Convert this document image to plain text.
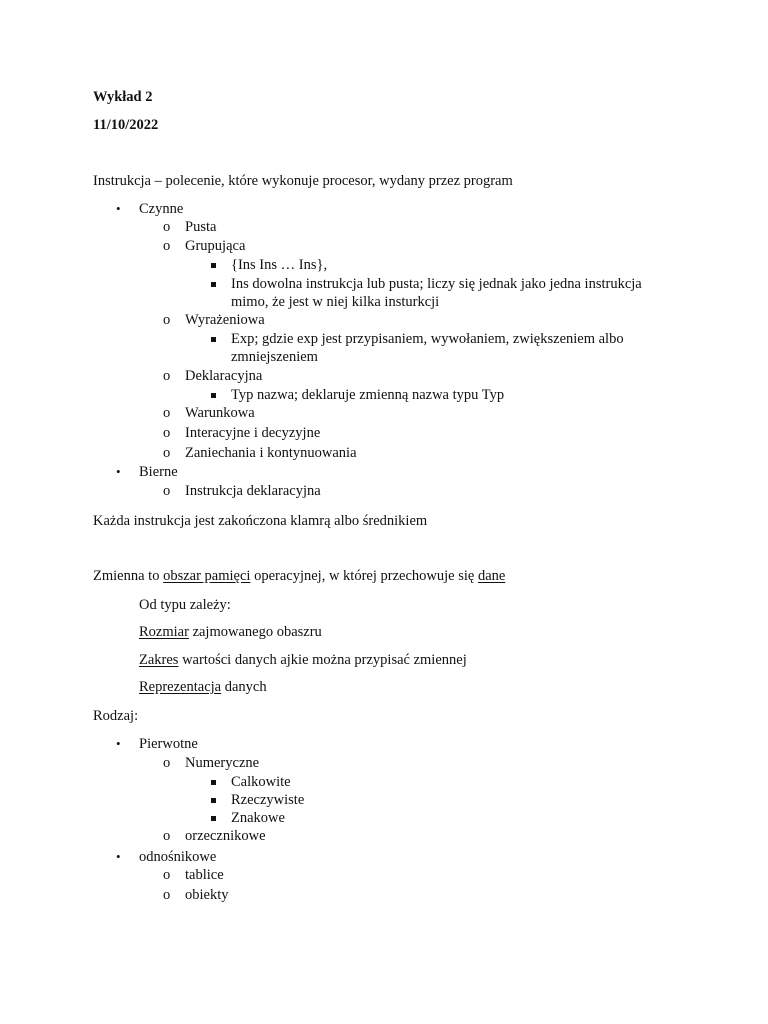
Wykład 2
11/10/2022
Instrukcja – polecenie, które wykonuje procesor, wydany przez program
• Czynne
o Pusta
o Grupująca
{Ins Ins … Ins},
Ins dowolna instrukcja lub pusta; liczy się jednak jako jedna instrukcja
mimo, że jest w niej kilka insturkcji
o Wyrażeniowa
Exp; gdzie exp jest przypisaniem, wywołaniem, zwiększeniem albo
zmniejszeniem
o Deklaracyjna
Typ nazwa; deklaruje zmienną nazwa typu Typ
o Warunkowa
o Interacyjne i decyzyjne
o Zaniechania i kontynuowania
• Bierne
o Instrukcja deklaracyjna
Każda instrukcja jest zakończona klamrą albo średnikiem
Zmienna to obszar pamięci operacyjnej, w której przechowuje się dane
Od typu zależy:
Rozmiar zajmowanego obaszru
Zakres wartości danych ajkie można przypisać zmiennej
Reprezentacja danych
Rodzaj:
• Pierwotne
o Numeryczne
Calkowite
Rzeczywiste
Znakowe
o orzecznikowe
• odnośnikowe
o tablice
o obiekty
